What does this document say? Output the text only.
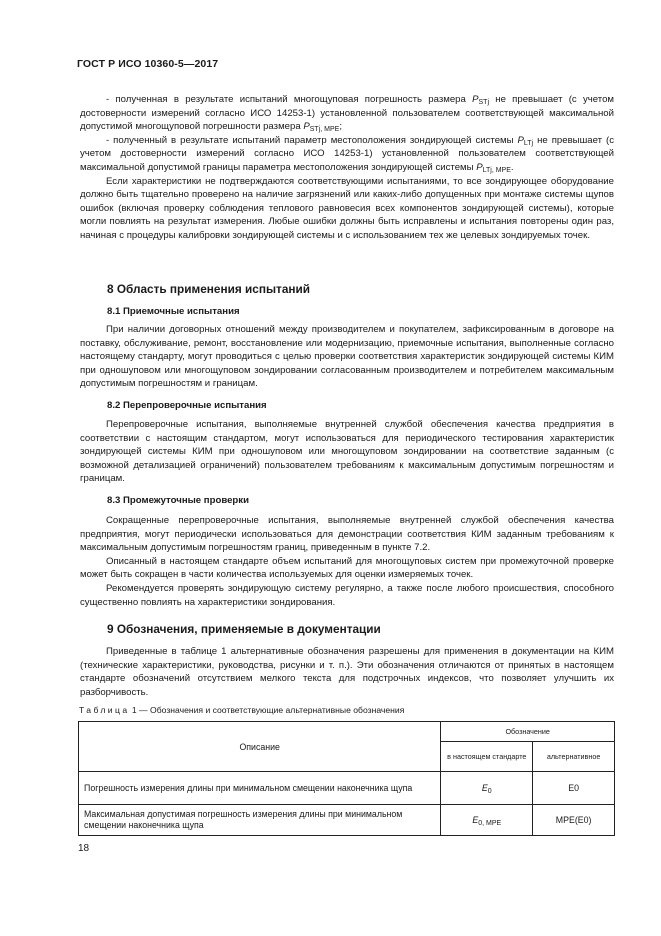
ГОСТ Р ИСО 10360-5—2017

- полученная в результате испытаний многощуповая погрешность размера $P_{STj}$ не превышает (с учетом достоверности измерений согласно ИСО 14253-1) установленной пользователем соответствующей максимальной допустимой многощуповой погрешности размера $P_{STj, MPE}$;

- полученный в результате испытаний параметр местоположения зондирующей системы $P_{LTj}$ не превышает (с учетом достоверности измерений согласно ИСО 14253-1) установленной пользователем соответствующей максимальной допустимой границы параметра местоположения зондирующей системы $P_{LTj, MPE}$.

Если характеристики не подтверждаются соответствующими испытаниями, то все зондирующее оборудование должно быть тщательно проверено на наличие загрязнений или каких-либо допущенных при монтаже системы щупов ошибок (включая проверку соблюдения теплового равновесия всех компонентов зондирующей системы), которые могли повлиять на результат измерения. Любые ошибки должны быть исправлены и испытания повторены один раз, начиная с процедуры калибровки зондирующей системы и с использованием тех же целевых зондируемых точек.

8 Область применения испытаний
8.1 Приемочные испытания

При наличии договорных отношений между производителем и покупателем, зафиксированным в договоре на поставку, обслуживание, ремонт, восстановление или модернизацию, приемочные испытания, выполненные согласно настоящему стандарту, могут проводиться с целью проверки соответствия характеристик зондирующей системы КИМ при одношуповом или многощуповом зондировании согласованным производителем и потребителем максимальным допустимым погрешностям и границам.

8.2 Перепроверочные испытания

Перепроверочные испытания, выполняемые внутренней службой обеспечения качества предприятия в соответствии с настоящим стандартом, могут использоваться для периодического тестирования характеристик зондирующей системы КИМ при одношуповом или многощуповом зондировании на соответствие заданным (с возможной детализацией ограничений) пользователем требованиям к максимальным допустимым погрешностям и границам.

8.3 Промежуточные проверки

Сокращенные перепроверочные испытания, выполняемые внутренней службой обеспечения качества предприятия, могут периодически использоваться для демонстрации соответствия КИМ заданным требованиям к максимальным допустимым погрешностям границ, приведенным в пункте 7.2.

Описанный в настоящем стандарте объем испытаний для многощуповых систем при промежуточной проверке может быть сокращен в части количества используемых для оценки измеряемых точек.

Рекомендуется проверять зондирующую систему регулярно, а также после любого происшествия, способного существенно повлиять на характеристики зондирования.

9 Обозначения, применяемые в документации

Приведенные в таблице 1 альтернативные обозначения разрешены для применения в документации на КИМ (технические характеристики, руководства, рисунки и т. п.). Эти обозначения отличаются от принятых в настоящем стандарте обозначений отсутствием мелкого текста для подстрочных индексов, что позволяет улучшить их разборчивость.

Таблица 1 — Обозначения и соответствующие альтернативные обозначения
Описание	Обозначение	
	в настоящем стандарте	альтернативное
Погрешность измерения длины при минимальном смещении наконечника щупа	$E_0$	E0
Максимальная допустимая погрешность измерения длины при минимальном смещении наконечника щупа	$E_{0, MPE}$	MPE(E0)
18
